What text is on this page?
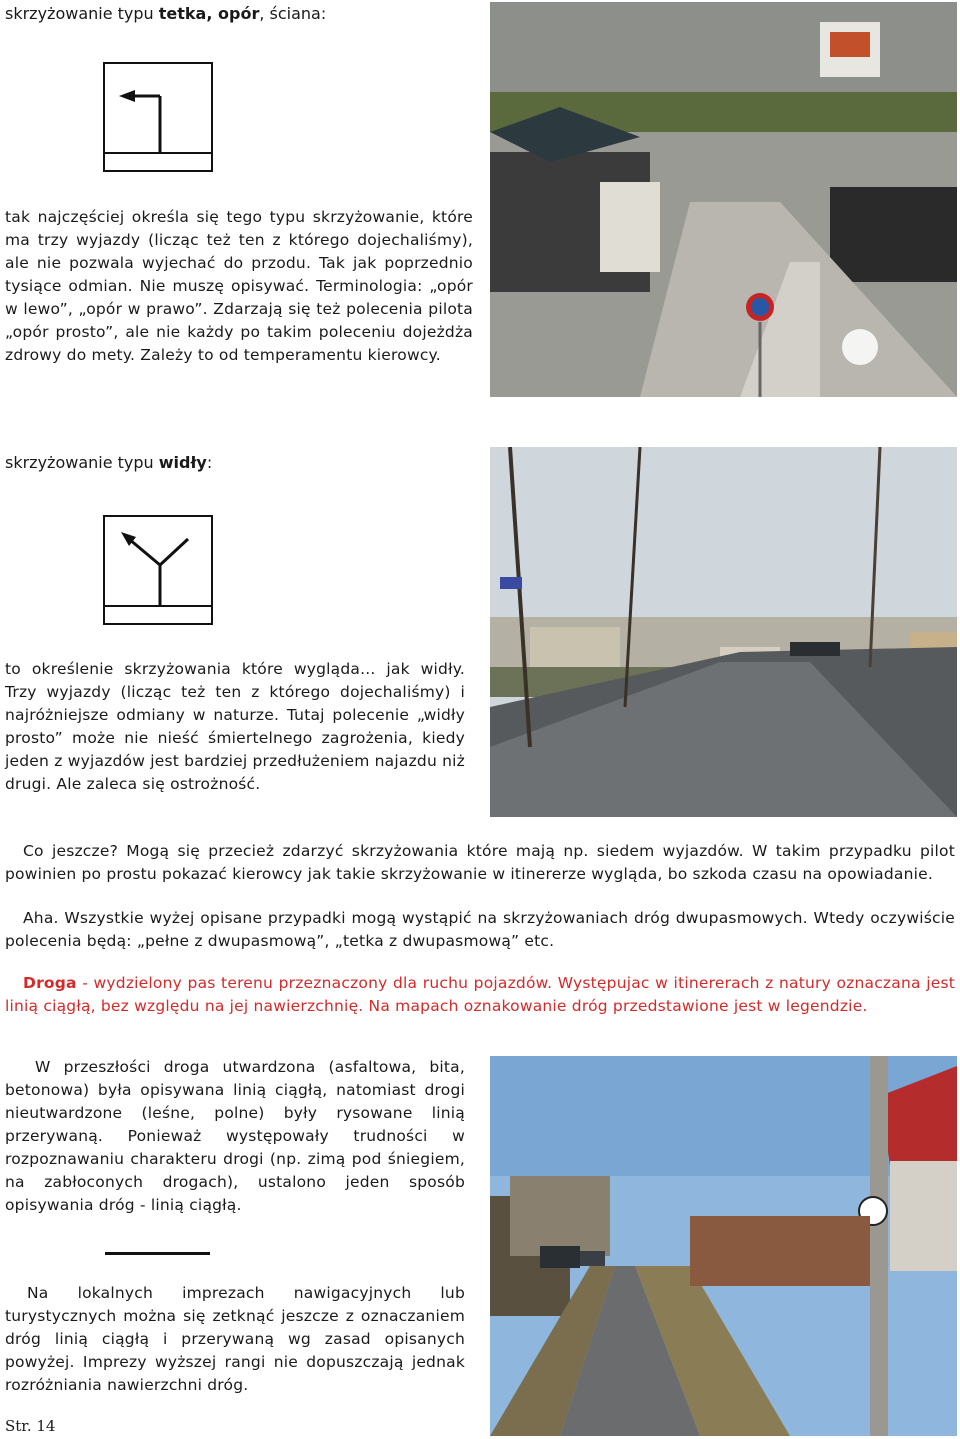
skrzyżowanie typu tetka, opór, ściana:

tak najczęściej określa się tego typu skrzyżowanie, które ma trzy wyjazdy (licząc też ten z którego dojechaliśmy), ale nie pozwala wyjechać do przodu. Tak jak poprzednio tysiące odmian. Nie muszę opisywać. Terminologia: „opór w lewo”, „opór w prawo”. Zdarzają się też polecenia pilota „opór prosto”, ale nie każdy po takim poleceniu dojeżdża zdrowy do mety. Zależy to od temperamentu kierowcy.

skrzyżowanie typu widły:

to określenie skrzyżowania które wygląda... jak widły. Trzy wyjazdy (licząc też ten z którego dojechaliśmy) i najróżniejsze odmiany w naturze. Tutaj polecenie „widły prosto” może nie nieść śmiertelnego zagrożenia, kiedy jeden z wyjazdów jest bardziej przedłużeniem najazdu niż drugi. Ale zaleca się ostrożność.

Co jeszcze? Mogą się przecież zdarzyć skrzyżowania które mają np. siedem wyjazdów. W takim przypadku pilot powinien po prostu pokazać kierowcy jak takie skrzyżowanie w itinererze wygląda, bo szkoda czasu na opowiadanie.

Aha. Wszystkie wyżej opisane przypadki mogą wystąpić na skrzyżowaniach dróg dwupasmowych. Wtedy oczywiście polecenia będą: „pełne z dwupasmową”, „tetka z dwupasmową” etc.

Droga - wydzielony pas terenu przeznaczony dla ruchu pojazdów. Występujac w itinererach z natury oznaczana jest linią ciągłą, bez względu na jej nawierzchnię. Na mapach oznakowanie dróg przedstawione jest w legendzie.

W przeszłości droga utwardzona (asfaltowa, bita, betonowa) była opisywana linią ciągłą, natomiast drogi nieutwardzone (leśne, polne) były rysowane linią przerywaną. Ponieważ występowały trudności w rozpoznawaniu charakteru drogi (np. zimą pod śniegiem, na zabłoconych drogach), ustalono jeden sposób opisywania dróg - linią ciągłą.

Na lokalnych imprezach nawigacyjnych lub turystycznych można się zetknąć jeszcze z oznaczaniem dróg linią ciągłą i przerywaną wg zasad opisanych powyżej. Imprezy wyższej rangi nie dopuszczają jednak rozróżniania nawierzchni dróg.

Str. 14
